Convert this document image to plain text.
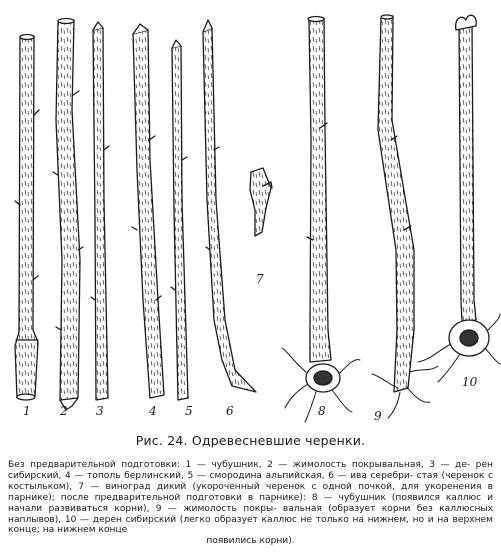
1 2 3	4 5	6
7
8	9
10
Рис. 24. Одревесневшие черенки.
Без предварительной подготовки: 1 — чубушник, 2 — жимолость покрывальная, 3 — де- рен сибирский, 4 — тополь берлинский, 5 — смородина альпийская, 6 — ива серебри- стая (черенок с костыльком), 7 — виноград дикий (укороченный черенок с одной почкой, для укоренения в парнике); после предварительной подготовки в парнике): 8 — чубушник (появился каллюс и начали развиваться корни), 9 — жимолость покры- вальная (образует корни без каллюсных наплывов), 10 — дерен сибирский (легко образует каллюс не только на нижнем, но и на верхнем конце; на нижнем конце
появились корни).
